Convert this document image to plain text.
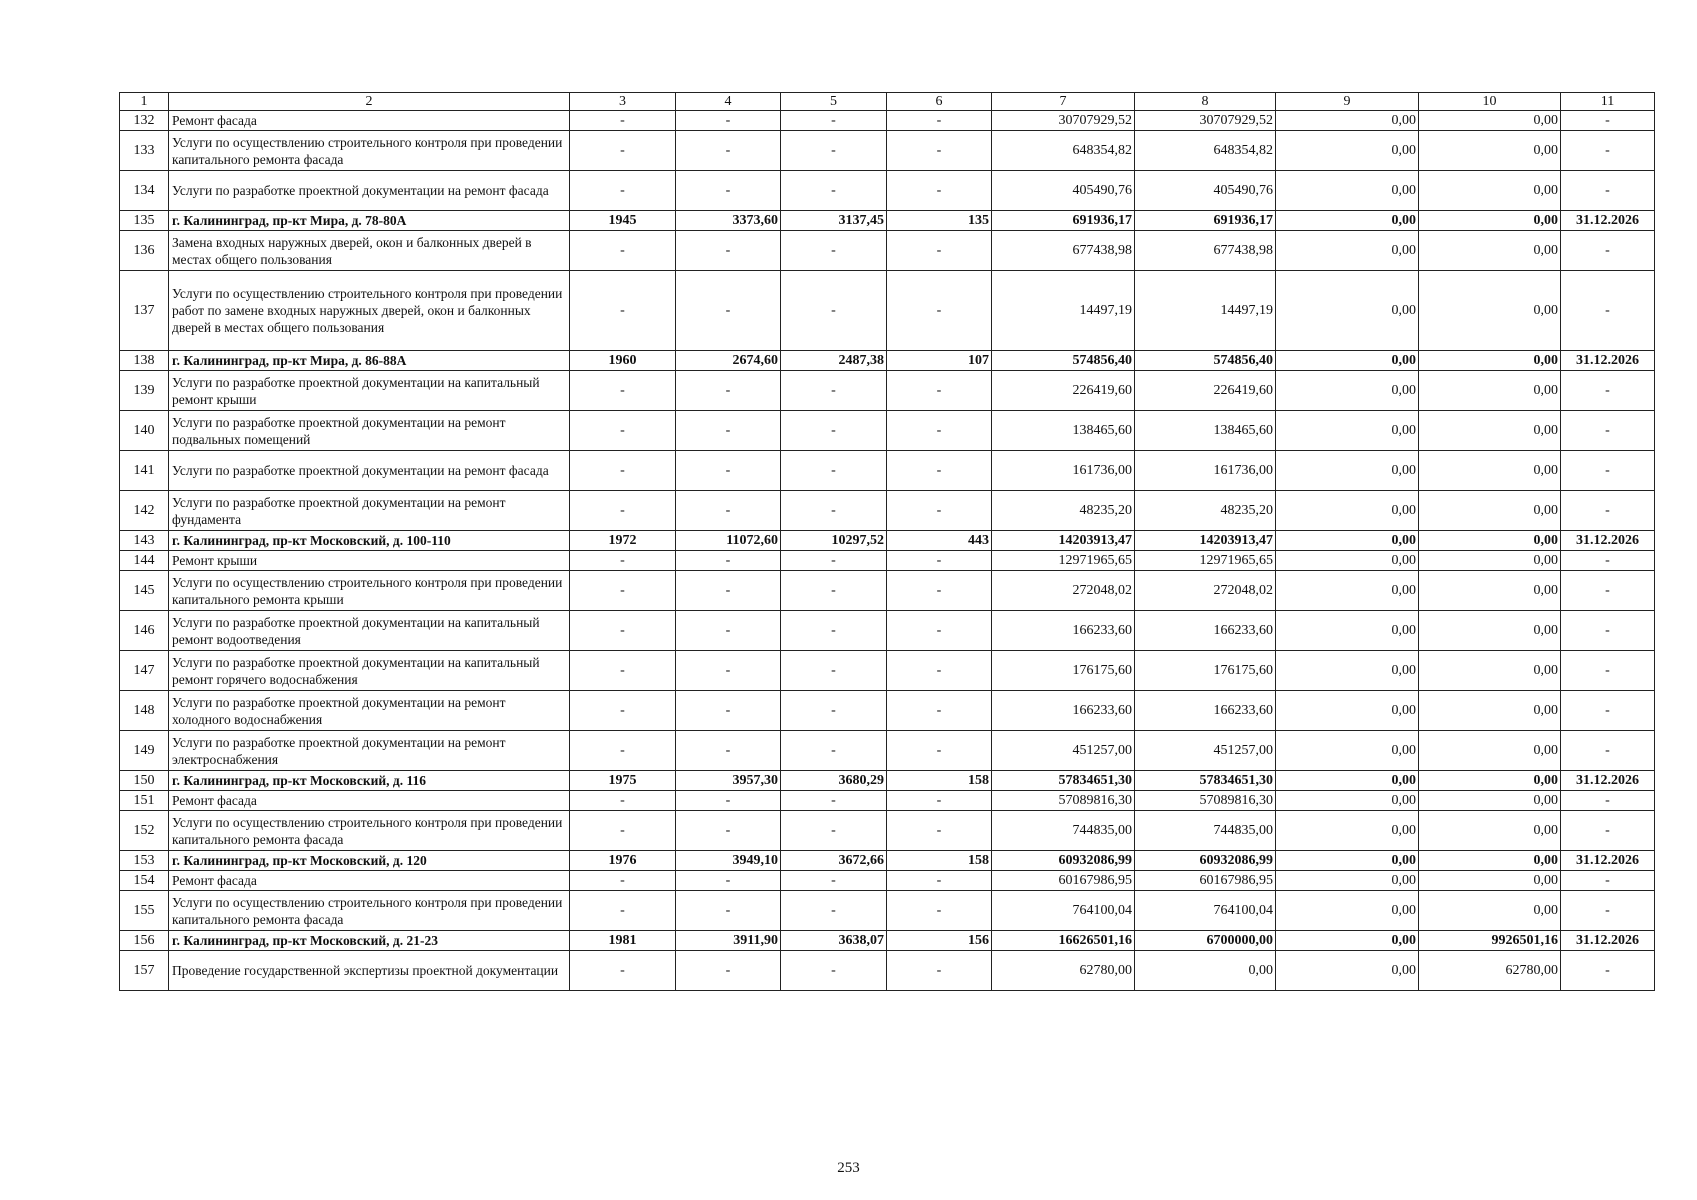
1	2	3	4	5	6	7	8	9	10	11
132	Ремонт фасада	-	-	-	-	30707929,52	30707929,52	0,00	0,00	-
133	Услуги по осуществлению строительного контроля при проведении капитального ремонта фасада	-	-	-	-	648354,82	648354,82	0,00	0,00	-
134	Услуги по разработке проектной документации на ремонт фасада	-	-	-	-	405490,76	405490,76	0,00	0,00	-
135	г. Калининград, пр-кт Мира, д. 78-80А	1945	3373,60	3137,45	135	691936,17	691936,17	0,00	0,00	31.12.2026
136	Замена входных наружных дверей, окон и балконных дверей в местах общего пользования	-	-	-	-	677438,98	677438,98	0,00	0,00	-
137	Услуги по осуществлению строительного контроля при проведении работ по замене входных наружных дверей, окон и балконных дверей в местах общего пользования	-	-	-	-	14497,19	14497,19	0,00	0,00	-
138	г. Калининград, пр-кт Мира, д. 86-88А	1960	2674,60	2487,38	107	574856,40	574856,40	0,00	0,00	31.12.2026
139	Услуги по разработке проектной документации на капитальный ремонт крыши	-	-	-	-	226419,60	226419,60	0,00	0,00	-
140	Услуги по разработке проектной документации на ремонт подвальных помещений	-	-	-	-	138465,60	138465,60	0,00	0,00	-
141	Услуги по разработке проектной документации на ремонт фасада	-	-	-	-	161736,00	161736,00	0,00	0,00	-
142	Услуги по разработке проектной документации на ремонт фундамента	-	-	-	-	48235,20	48235,20	0,00	0,00	-
143	г. Калининград, пр-кт Московский, д. 100-110	1972	11072,60	10297,52	443	14203913,47	14203913,47	0,00	0,00	31.12.2026
144	Ремонт крыши	-	-	-	-	12971965,65	12971965,65	0,00	0,00	-
145	Услуги по осуществлению строительного контроля при проведении капитального ремонта крыши	-	-	-	-	272048,02	272048,02	0,00	0,00	-
146	Услуги по разработке проектной документации на капитальный ремонт водоотведения	-	-	-	-	166233,60	166233,60	0,00	0,00	-
147	Услуги по разработке проектной документации на капитальный ремонт горячего водоснабжения	-	-	-	-	176175,60	176175,60	0,00	0,00	-
148	Услуги по разработке проектной документации на ремонт холодного водоснабжения	-	-	-	-	166233,60	166233,60	0,00	0,00	-
149	Услуги по разработке проектной документации на ремонт электроснабжения	-	-	-	-	451257,00	451257,00	0,00	0,00	-
150	г. Калининград, пр-кт Московский, д. 116	1975	3957,30	3680,29	158	57834651,30	57834651,30	0,00	0,00	31.12.2026
151	Ремонт фасада	-	-	-	-	57089816,30	57089816,30	0,00	0,00	-
152	Услуги по осуществлению строительного контроля при проведении капитального ремонта фасада	-	-	-	-	744835,00	744835,00	0,00	0,00	-
153	г. Калининград, пр-кт Московский, д. 120	1976	3949,10	3672,66	158	60932086,99	60932086,99	0,00	0,00	31.12.2026
154	Ремонт фасада	-	-	-	-	60167986,95	60167986,95	0,00	0,00	-
155	Услуги по осуществлению строительного контроля при проведении капитального ремонта фасада	-	-	-	-	764100,04	764100,04	0,00	0,00	-
156	г. Калининград, пр-кт Московский, д. 21-23	1981	3911,90	3638,07	156	16626501,16	6700000,00	0,00	9926501,16	31.12.2026
157	Проведение государственной экспертизы проектной документации	-	-	-	-	62780,00	0,00	0,00	62780,00	-
253
